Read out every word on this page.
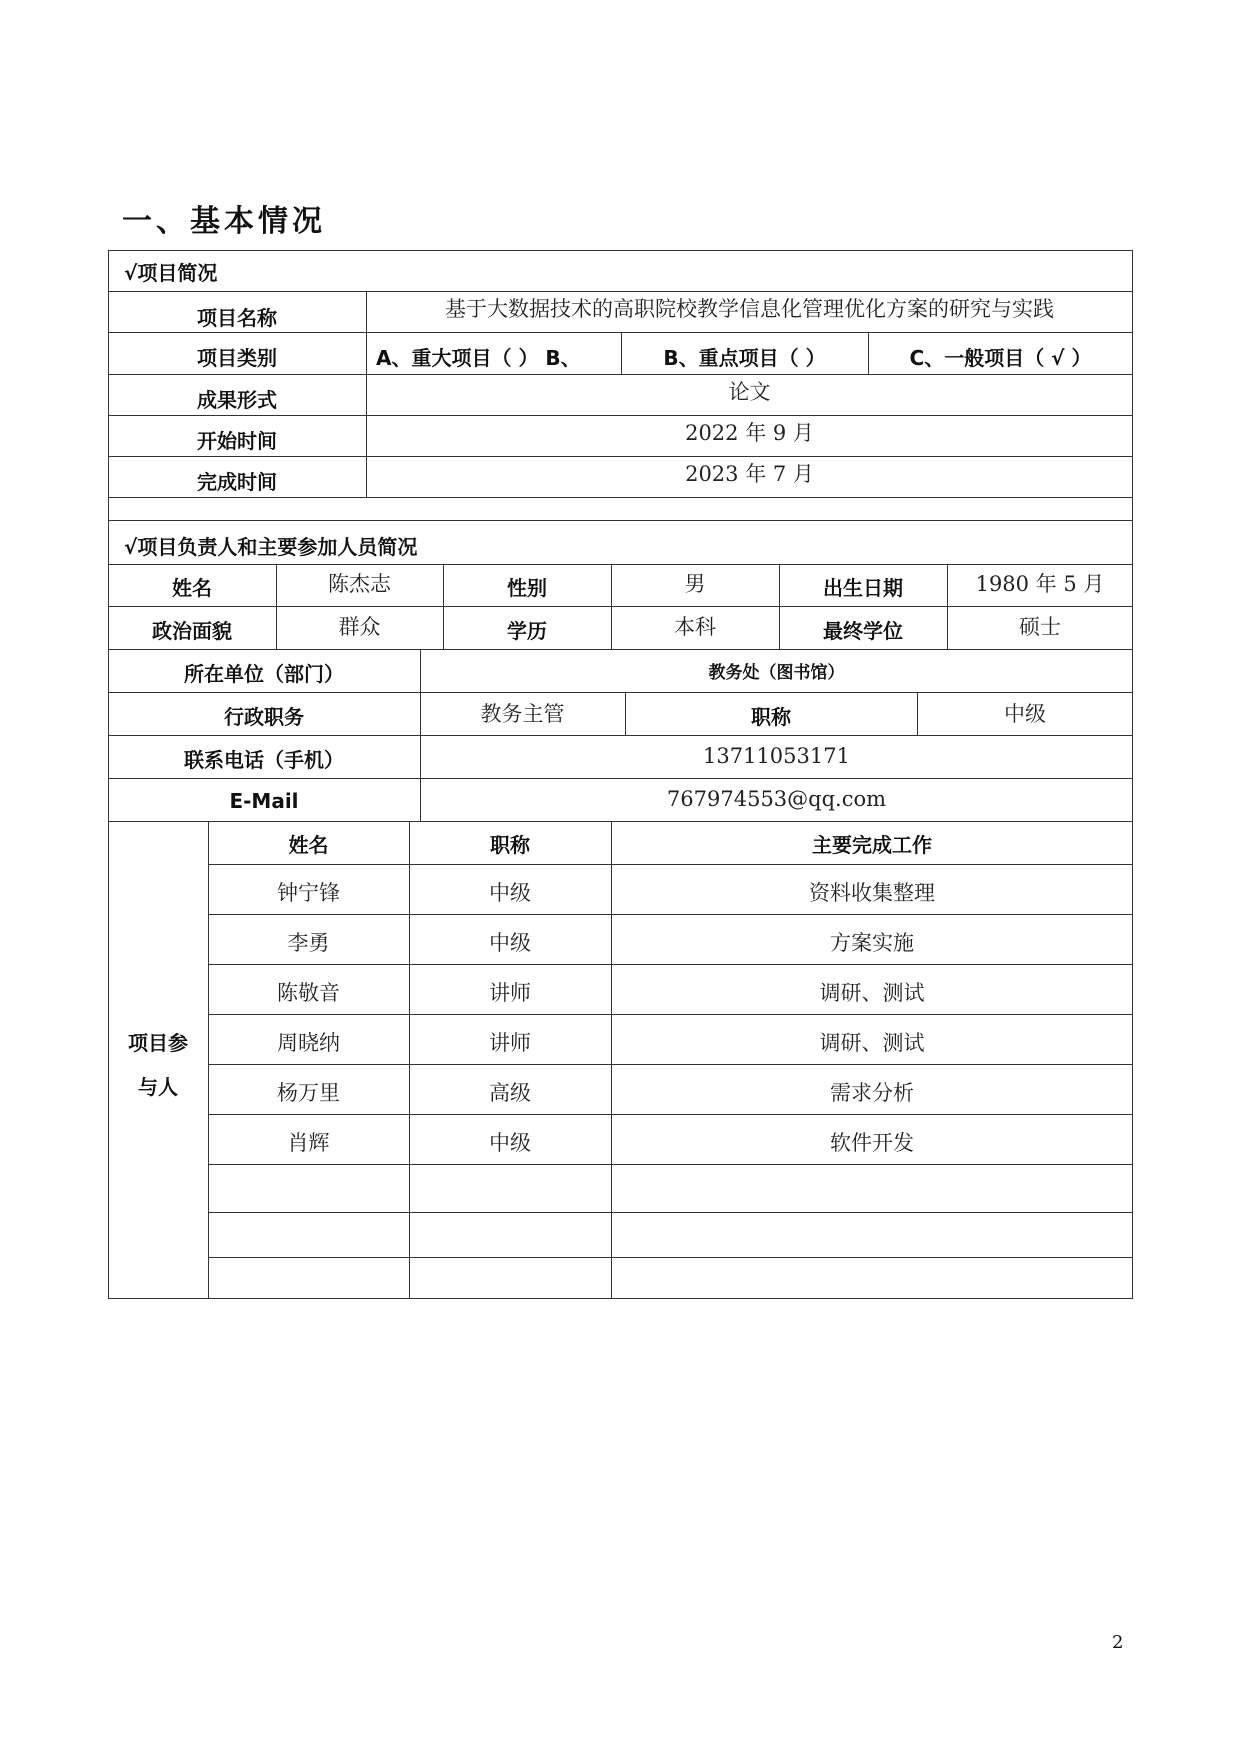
一、基本情况
√项目简况
项目名称	基于大数据技术的高职院校教学信息化管理优化方案的研究与实践
项目类别	A、重大项目（ ） B、	B、重点项目（ ）	C、一般项目（ √ ）
成果形式	论文
开始时间	2022 年 9 月
完成时间	2023 年 7 月
√项目负责人和主要参加人员简况
姓名	陈杰志	性别	男	出生日期	1980 年 5 月
政治面貌	群众	学历	本科	最终学位	硕士
所在单位（部门）	教务处（图书馆）
行政职务	教务主管	职称	中级
联系电话（手机）	13711053171
E-Mail	767974553@qq.com
项目参与人
姓名	职称	主要完成工作
钟宁锋	中级	资料收集整理
李勇	中级	方案实施
陈敬音	讲师	调研、测试
周晓纳	讲师	调研、测试
杨万里	高级	需求分析
肖辉	中级	软件开发
2
